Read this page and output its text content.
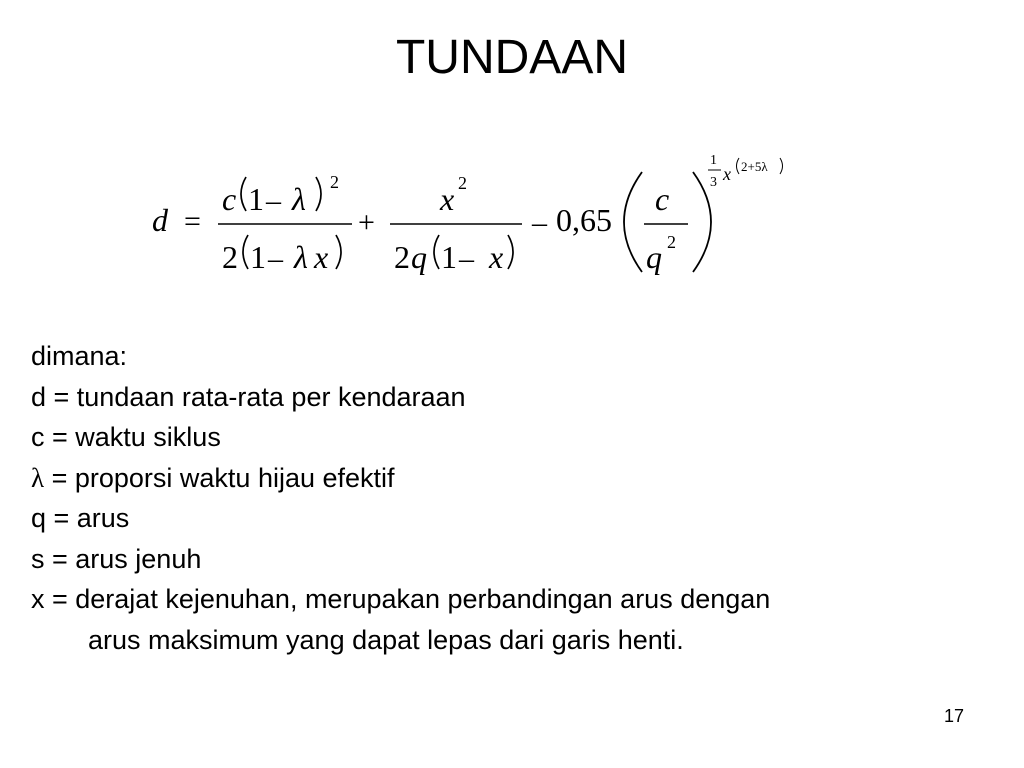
TUNDAAN
d =
c 1 – λ 2
2 1 – λ x
+
x 2
2 q 1 – x
– 0,65
c
q 2
1
3 x 2+5λ
dimana:
d = tundaan rata-rata per kendaraan
c = waktu siklus
λ = proporsi waktu hijau efektif
q = arus
s = arus jenuh
x = derajat kejenuhan, merupakan perbandingan arus dengan
arus maksimum yang dapat lepas dari garis henti.
17
